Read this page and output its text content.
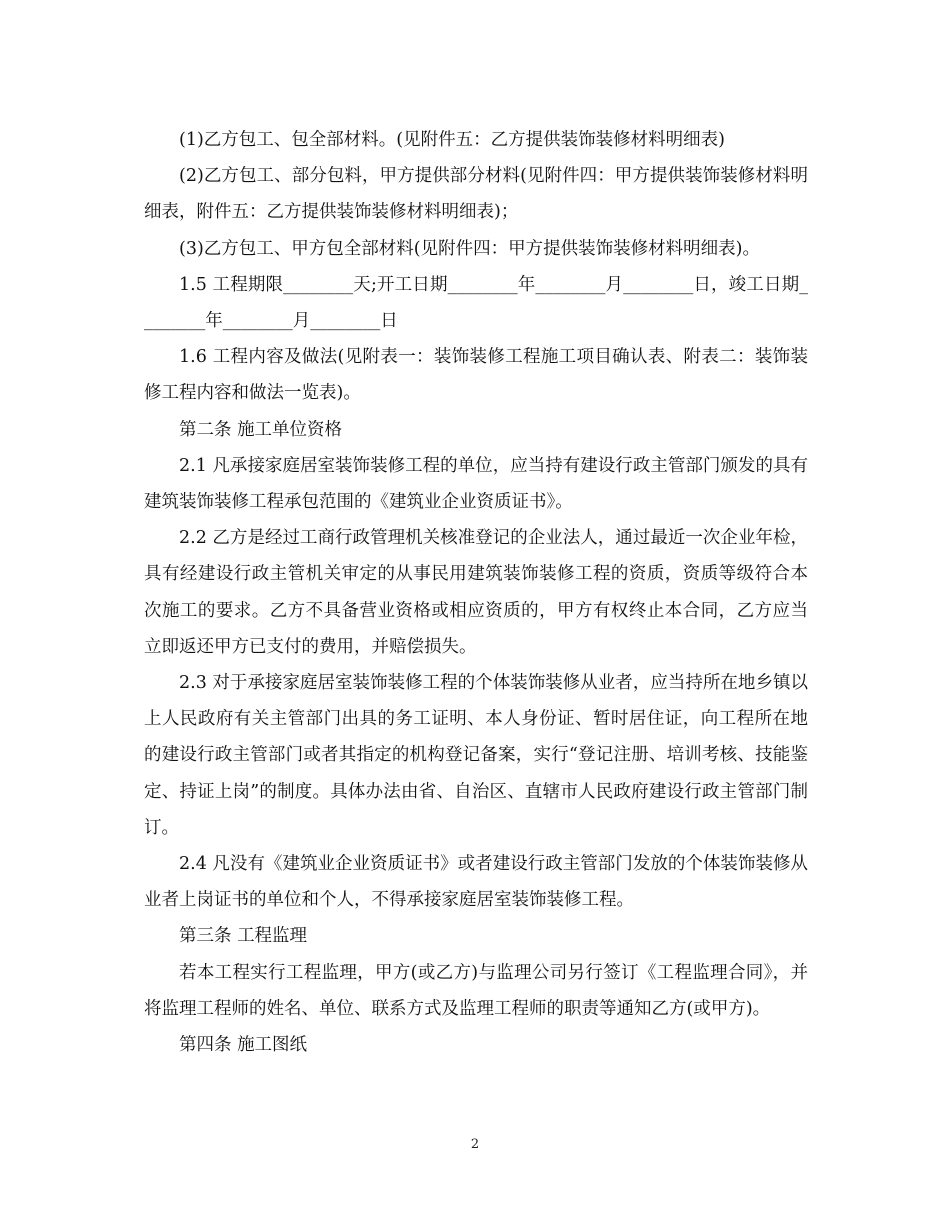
(1)乙方包工、包全部材料。(见附件五：乙方提供装饰装修材料明细表)

(2)乙方包工、部分包料，甲方提供部分材料(见附件四：甲方提供装饰装修材料明细表，附件五：乙方提供装饰装修材料明细表)；

(3)乙方包工、甲方包全部材料(见附件四：甲方提供装饰装修材料明细表)。

1.5 工程期限________天;开工日期________年________月________日，竣工日期________年________月________日

1.6 工程内容及做法(见附表一：装饰装修工程施工项目确认表、附表二：装饰装修工程内容和做法一览表)。

第二条 施工单位资格

2.1 凡承接家庭居室装饰装修工程的单位，应当持有建设行政主管部门颁发的具有建筑装饰装修工程承包范围的《建筑业企业资质证书》。

2.2 乙方是经过工商行政管理机关核准登记的企业法人，通过最近一次企业年检，具有经建设行政主管机关审定的从事民用建筑装饰装修工程的资质，资质等级符合本次施工的要求。乙方不具备营业资格或相应资质的，甲方有权终止本合同，乙方应当立即返还甲方已支付的费用，并赔偿损失。

2.3 对于承接家庭居室装饰装修工程的个体装饰装修从业者，应当持所在地乡镇以上人民政府有关主管部门出具的务工证明、本人身份证、暂时居住证，向工程所在地的建设行政主管部门或者其指定的机构登记备案，实行“登记注册、培训考核、技能鉴定、持证上岗”的制度。具体办法由省、自治区、直辖市人民政府建设行政主管部门制订。

2.4 凡没有《建筑业企业资质证书》或者建设行政主管部门发放的个体装饰装修从业者上岗证书的单位和个人，不得承接家庭居室装饰装修工程。

第三条 工程监理

若本工程实行工程监理，甲方(或乙方)与监理公司另行签订《工程监理合同》，并将监理工程师的姓名、单位、联系方式及监理工程师的职责等通知乙方(或甲方)。

第四条 施工图纸

2
